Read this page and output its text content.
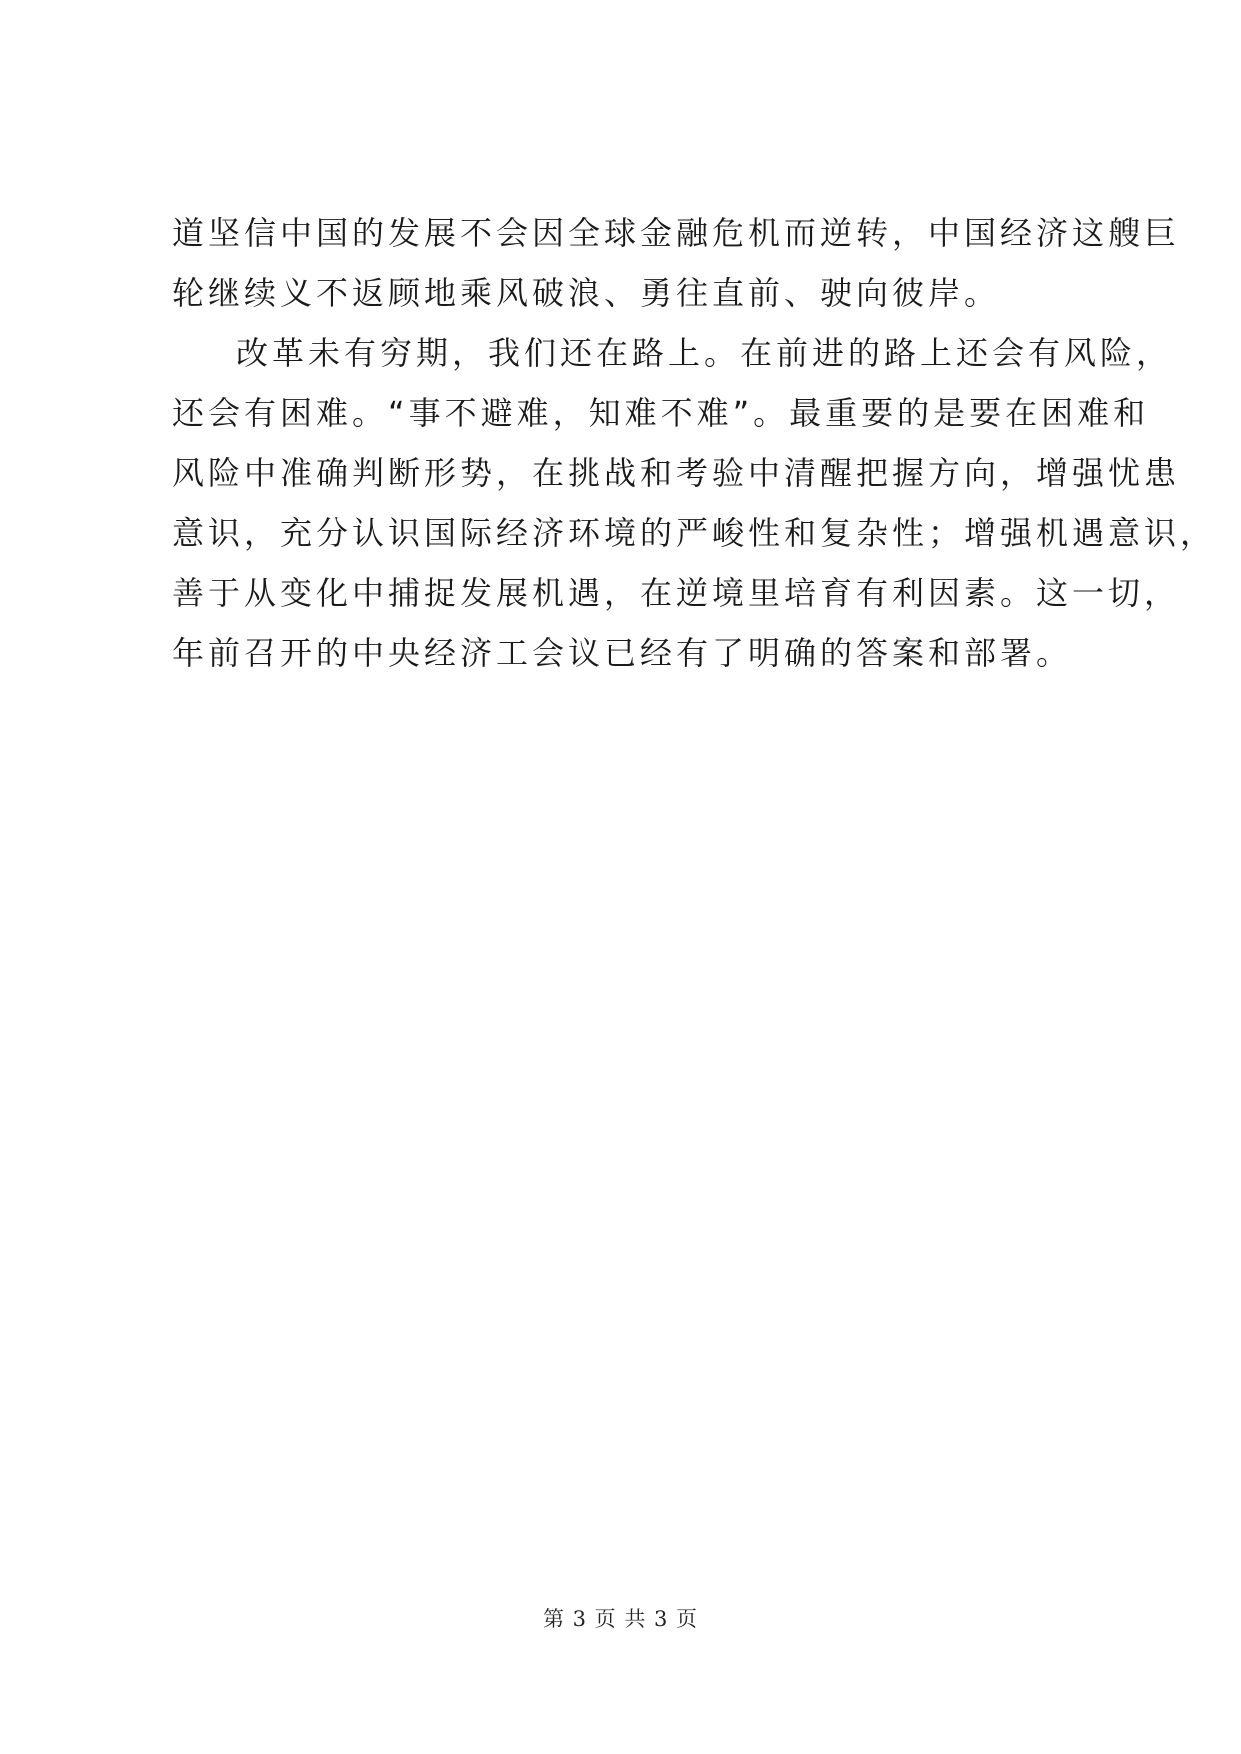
道坚信中国的发展不会因全球金融危机而逆转，中国经济这艘巨
轮继续义不返顾地乘风破浪、勇往直前、驶向彼岸。
改革未有穷期，我们还在路上。在前进的路上还会有风险，
还会有困难。“事不避难，知难不难”。最重要的是要在困难和
风险中准确判断形势，在挑战和考验中清醒把握方向，增强忧患
意识，充分认识国际经济环境的严峻性和复杂性；增强机遇意识，
善于从变化中捕捉发展机遇，在逆境里培育有利因素。这一切，
年前召开的中央经济工会议已经有了明确的答案和部署。
第 3 页 共 3 页
